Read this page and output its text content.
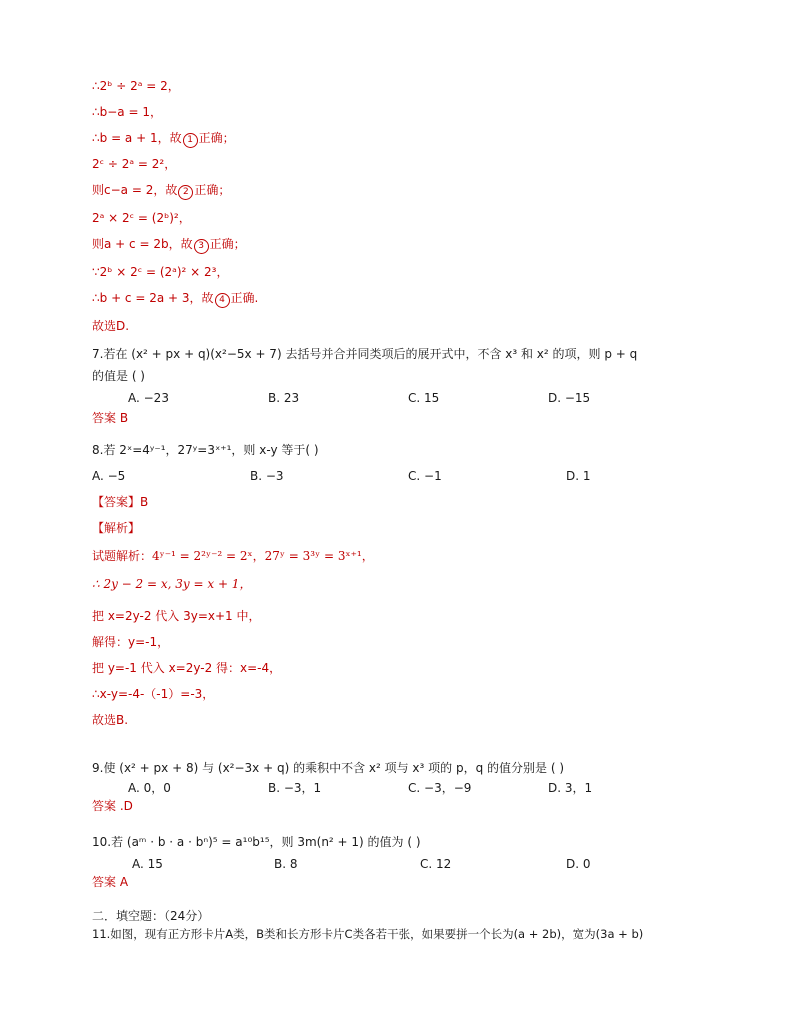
∴2ᵇ ÷ 2ᵃ = 2，
∴b−a = 1，
∴b = a + 1，故 1 正确；
2ᶜ ÷ 2ᵃ = 2²，
则c−a = 2，故 2 正确；
2ᵃ × 2ᶜ = (2ᵇ)²，
则a + c = 2b，故 3 正确；
∵2ᵇ × 2ᶜ = (2ᵃ)² × 2³，
∴b + c = 2a + 3，故 4 正确.
故选D.
7.若在 (x² + px + q)(x²−5x + 7) 去括号并合并同类项后的展开式中，不含 x³ 和 x² 的项，则 p + q
的值是 ( )
A. −23	B. 23	C. 15	D. −15
答案 B
8.若 2ˣ=4ʸ⁻¹，27ʸ=3ˣ⁺¹，则 x-y 等于( )
A. −5	B. −3	C. −1	D. 1
【答案】B
【解析】
试题解析：4ʸ⁻¹ = 2²ʸ⁻² = 2ˣ，27ʸ = 3³ʸ = 3ˣ⁺¹，
∴ 2y − 2 = x, 3y = x + 1，
把 x=2y-2 代入 3y=x+1 中，
解得：y=-1，
把 y=-1 代入 x=2y-2 得：x=-4，
∴x-y=-4-（-1）=-3，
故选B.
9.使 (x² + px + 8) 与 (x²−3x + q) 的乘积中不含 x² 项与 x³ 项的 p，q 的值分别是 ( )
A. 0，0	B. −3，1	C. −3，−9	D. 3，1
答案 .D
10.若 (aᵐ · b · a · bⁿ)⁵ = a¹⁰b¹⁵，则 3m(n² + 1) 的值为 ( )
A. 15	B. 8	C. 12	D. 0
答案 A
二．填空题：（24分）
11.如图，现有正方形卡片A类，B类和长方形卡片C类各若干张，如果要拼一个长为(a + 2b)，宽为(3a + b)
